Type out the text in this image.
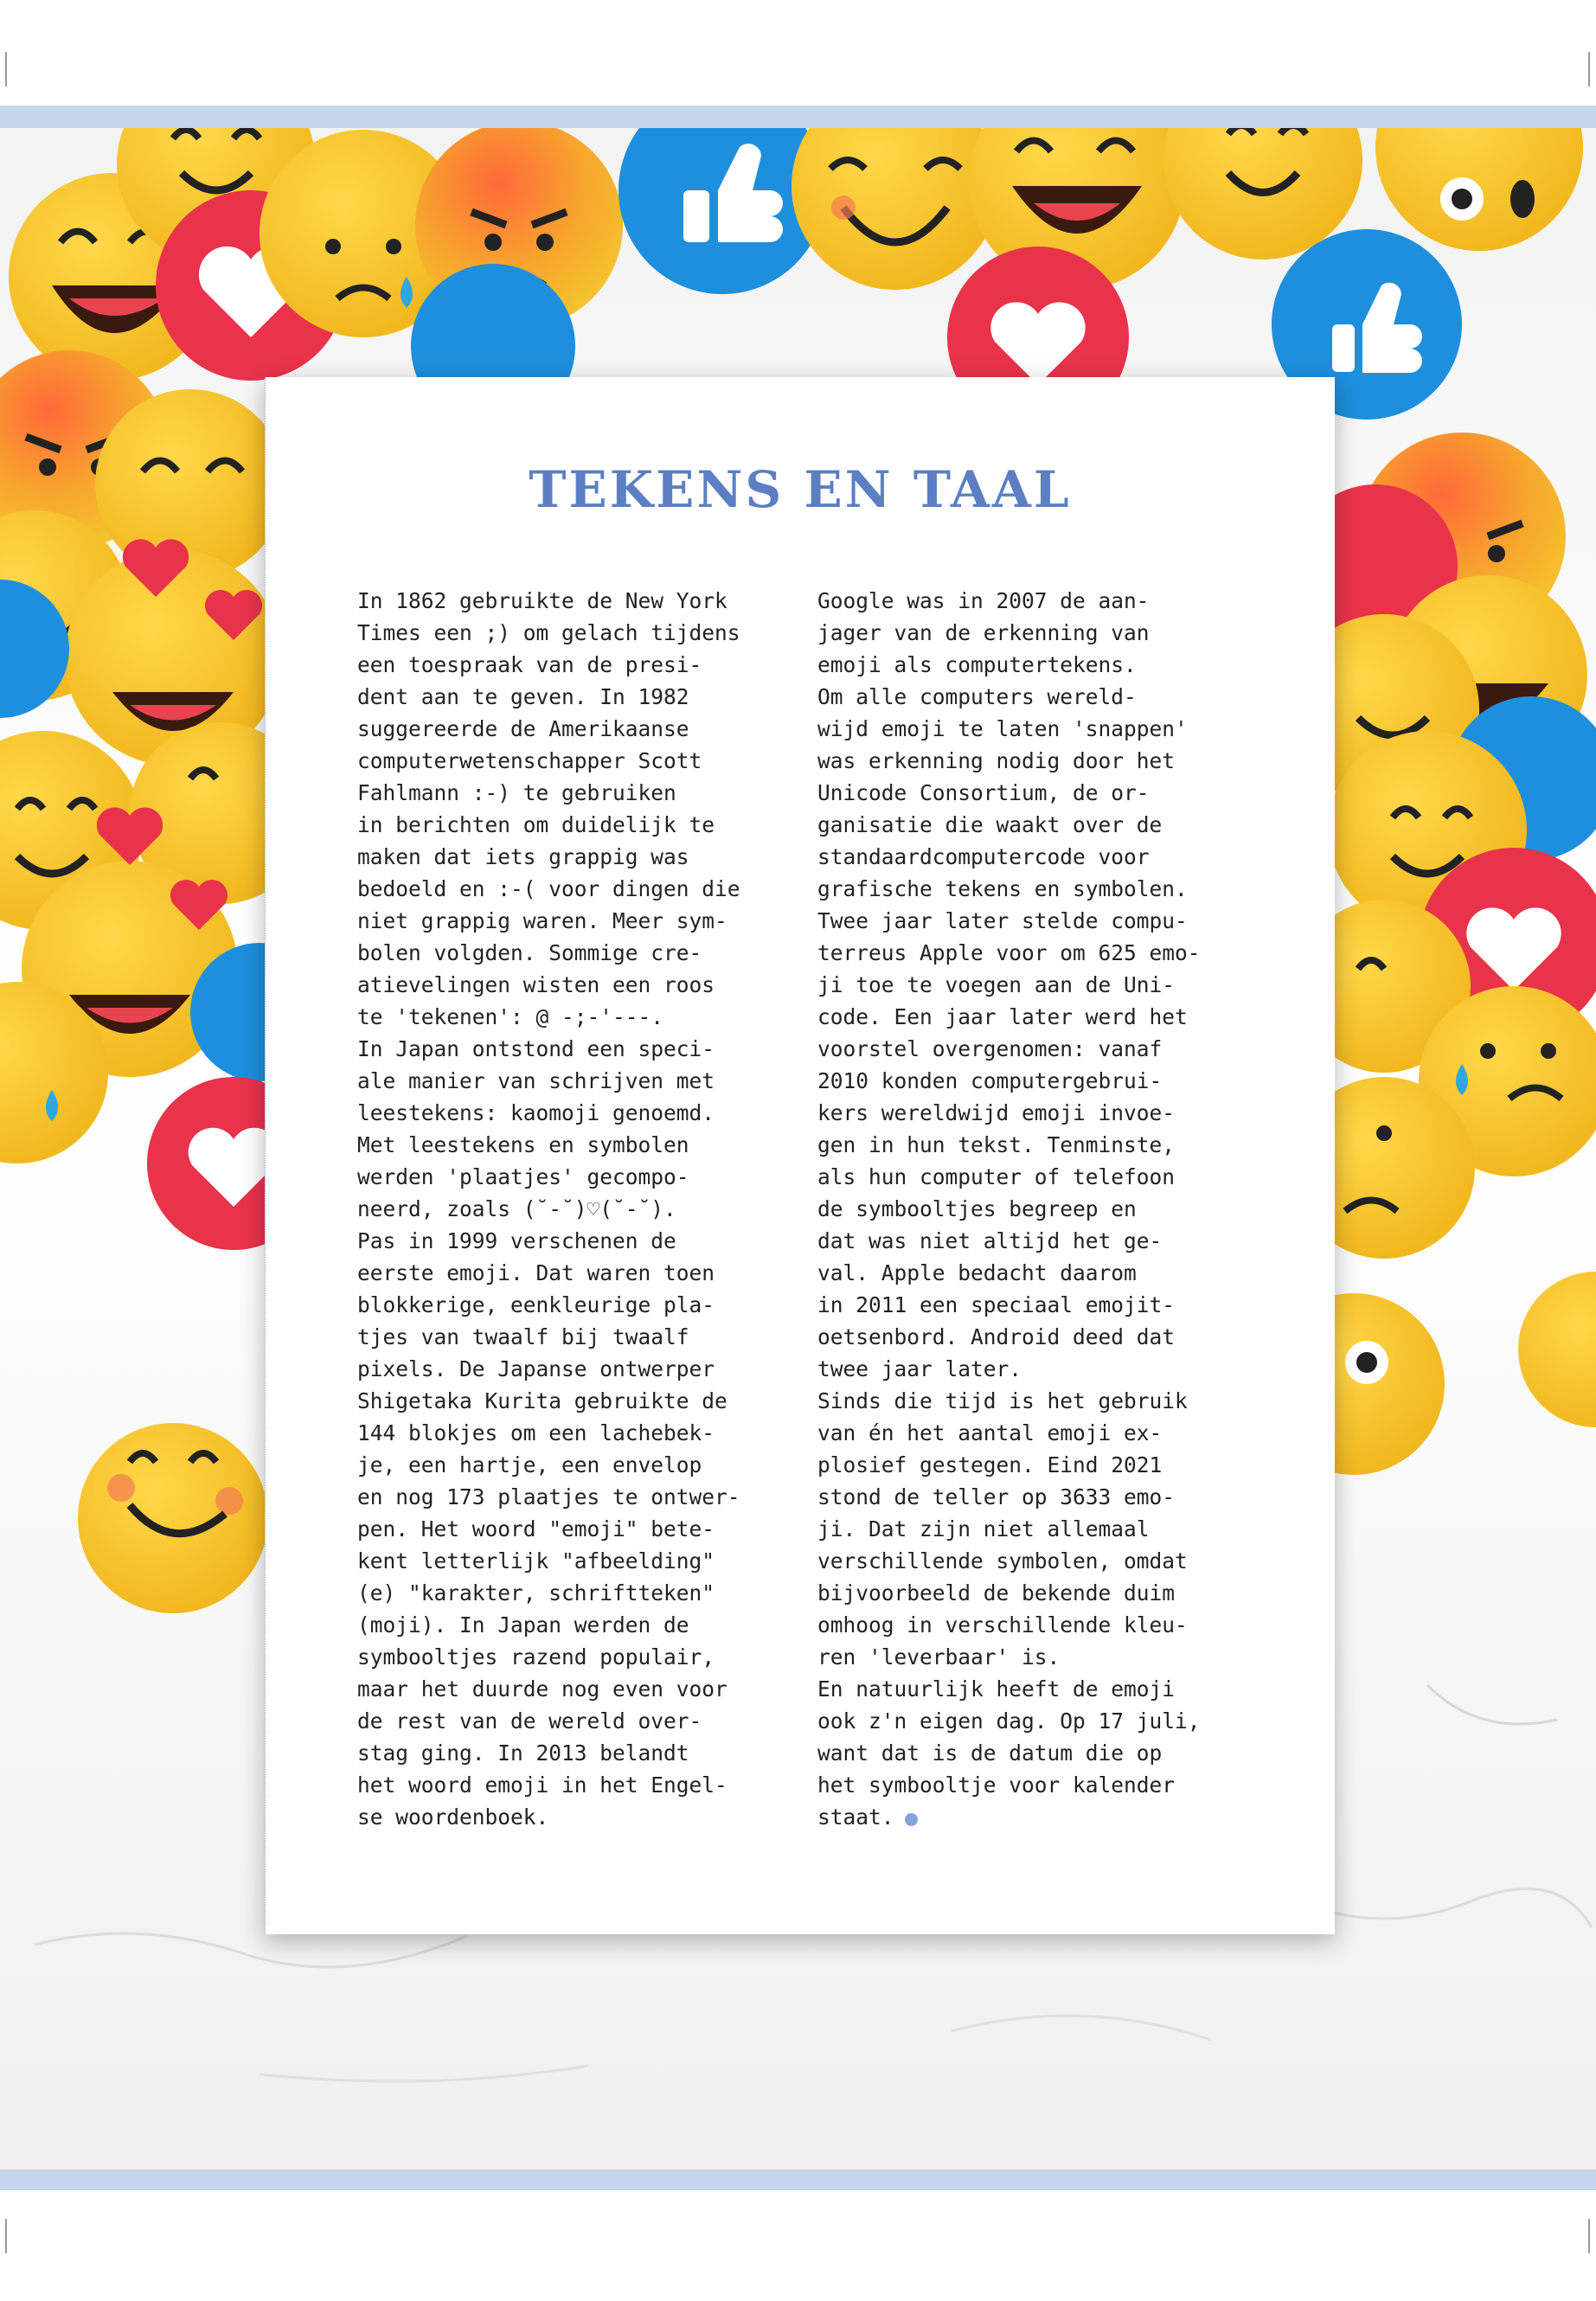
TEKENS EN TAAL

In 1862 gebruikte de New York
Times een ;) om gelach tijdens
een toespraak van de presi-
dent aan te geven. In 1982
suggereerde de Amerikaanse
computerwetenschapper Scott
Fahlmann :-) te gebruiken
in berichten om duidelijk te
maken dat iets grappig was
bedoeld en :-( voor dingen die
niet grappig waren. Meer sym-
bolen volgden. Sommige cre-
atievelingen wisten een roos
te 'tekenen': @ -;-'---.
In Japan ontstond een speci-
ale manier van schrijven met
leestekens: kaomoji genoemd.
Met leestekens en symbolen
werden 'plaatjes' gecompo-
neerd, zoals (˘-˘)♡(˘-˘).
Pas in 1999 verschenen de
eerste emoji. Dat waren toen
blokkerige, eenkleurige pla-
tjes van twaalf bij twaalf
pixels. De Japanse ontwerper
Shigetaka Kurita gebruikte de
144 blokjes om een lachebek-
je, een hartje, een envelop
en nog 173 plaatjes te ontwer-
pen. Het woord "emoji" bete-
kent letterlijk "afbeelding"
(e) "karakter, schriftteken"
(moji). In Japan werden de
symbooltjes razend populair,
maar het duurde nog even voor
de rest van de wereld over-
stag ging. In 2013 belandt
het woord emoji in het Engel-
se woordenboek.

Google was in 2007 de aan-
jager van de erkenning van
emoji als computertekens.
Om alle computers wereld-
wijd emoji te laten 'snappen'
was erkenning nodig door het
Unicode Consortium, de or-
ganisatie die waakt over de
standaardcomputercode voor
grafische tekens en symbolen.
Twee jaar later stelde compu-
terreus Apple voor om 625 emo-
ji toe te voegen aan de Uni-
code. Een jaar later werd het
voorstel overgenomen: vanaf
2010 konden computergebrui-
kers wereldwijd emoji invoe-
gen in hun tekst. Tenminste,
als hun computer of telefoon
de symbooltjes begreep en
dat was niet altijd het ge-
val. Apple bedacht daarom
in 2011 een speciaal emojit-
oetsenbord. Android deed dat
twee jaar later.
Sinds die tijd is het gebruik
van én het aantal emoji ex-
plosief gestegen. Eind 2021
stond de teller op 3633 emo-
ji. Dat zijn niet allemaal
verschillende symbolen, omdat
bijvoorbeeld de bekende duim
omhoog in verschillende kleu-
ren 'leverbaar' is.
En natuurlijk heeft de emoji
ook z'n eigen dag. Op 17 juli,
want dat is de datum die op
het symbooltje voor kalender
staat.
